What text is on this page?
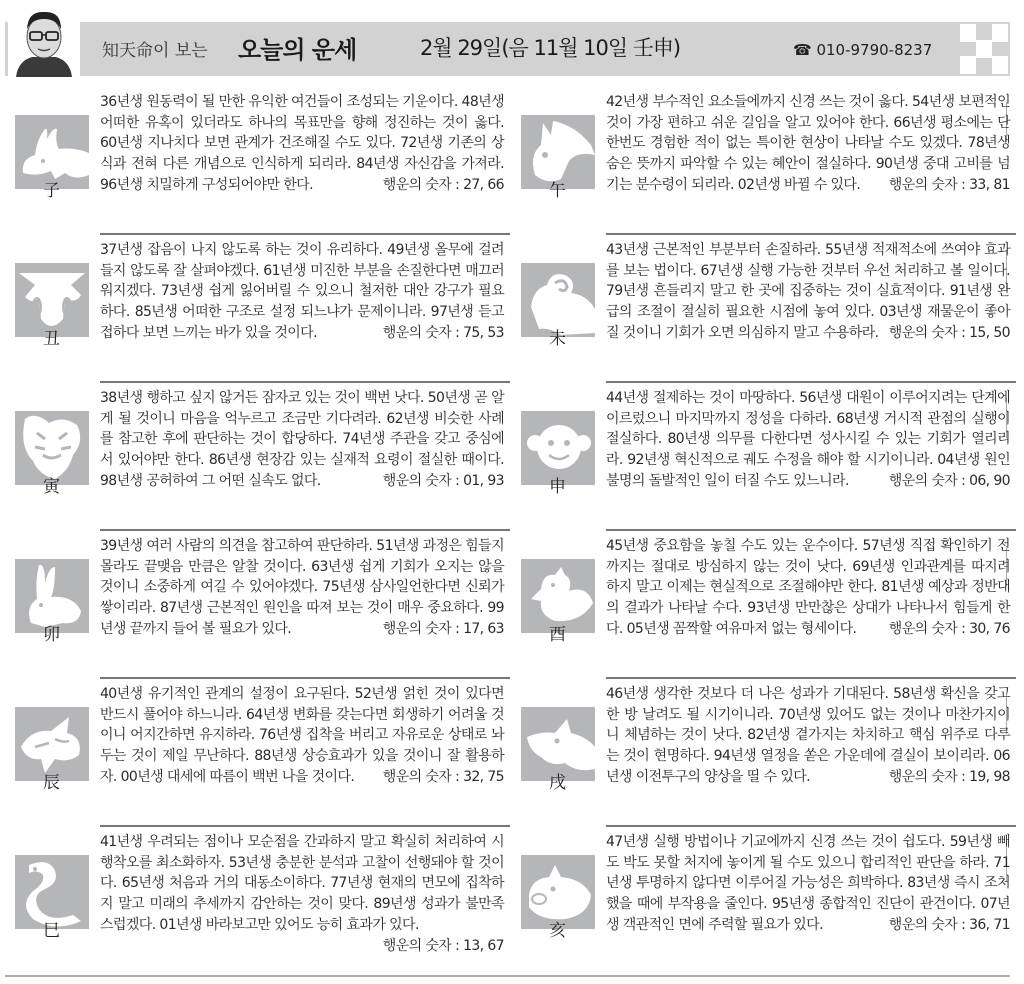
知天命이 보는 오늘의 운세	2월 29일(음 11월 10일 壬申)	☎ 010-9790-8237
子
36년생 원동력이 될 만한 유익한 여건들이 조성되는 기운이다. 48년생 어떠한 유혹이 있더라도 하나의 목표만을 향해 정진하는 것이 옳다. 60년생 지나치다 보면 관계가 건조해질 수도 있다. 72년생 기존의 상식과 전혀 다른 개념으로 인식하게 되리라. 84년생 자신감을 가져라. 96년생 치밀하게 구성되어야만 한다.	행운의 숫자 : 27, 66
丑
37년생 잡음이 나지 않도록 하는 것이 유리하다. 49년생 올무에 걸려들지 않도록 잘 살펴야겠다. 61년생 미진한 부분을 손질한다면 매끄러워지겠다. 73년생 쉽게 잃어버릴 수 있으니 철저한 대안 강구가 필요하다. 85년생 어떠한 구조로 설정 되느냐가 문제이니라. 97년생 듣고 접하다 보면 느끼는 바가 있을 것이다.	행운의 숫자 : 75, 53
寅
38년생 행하고 싶지 않거든 잠자코 있는 것이 백번 낫다. 50년생 곧 알게 될 것이니 마음을 억누르고 조금만 기다려라. 62년생 비슷한 사례를 참고한 후에 판단하는 것이 합당하다. 74년생 주관을 갖고 중심에 서 있어야만 한다. 86년생 현장감 있는 실재적 요령이 절실한 때이다. 98년생 공허하여 그 어떤 실속도 없다.	행운의 숫자 : 01, 93
卯
39년생 여러 사람의 의견을 참고하여 판단하라. 51년생 과정은 힘들지 몰라도 끝맺음 만큼은 알찰 것이다. 63년생 쉽게 기회가 오지는 않을 것이니 소중하게 여길 수 있어야겠다. 75년생 삼사일언한다면 신뢰가 쌓이리라. 87년생 근본적인 원인을 따져 보는 것이 매우 중요하다. 99년생 끝까지 들어 볼 필요가 있다.	행운의 숫자 : 17, 63
辰
40년생 유기적인 관계의 설정이 요구된다. 52년생 얽힌 것이 있다면 반드시 풀어야 하느니라. 64년생 변화를 갖는다면 회생하기 어려울 것이니 어지간하면 유지하라. 76년생 집착을 버리고 자유로운 상태로 놔두는 것이 제일 무난하다. 88년생 상승효과가 있을 것이니 잘 활용하자. 00년생 대세에 따름이 백번 나을 것이다. 행운의 숫자 : 32, 75
巳
41년생 우려되는 점이나 모순점을 간과하지 말고 확실히 처리하여 시행착오를 최소화하자. 53년생 충분한 분석과 고찰이 선행돼야 할 것이다. 65년생 처음과 거의 대동소이하다. 77년생 현재의 면모에 집착하지 말고 미래의 추세까지 감안하는 것이 맞다. 89년생 성과가 불만족스럽겠다. 01년생 바라보고만 있어도 능히 효과가 있다.
행운의 숫자 : 13, 67
午
42년생 부수적인 요소들에까지 신경 쓰는 것이 옳다. 54년생 보편적인 것이 가장 편하고 쉬운 길임을 알고 있어야 한다. 66년생 평소에는 단 한번도 경험한 적이 없는 특이한 현상이 나타날 수도 있겠다. 78년생 숨은 뜻까지 파악할 수 있는 혜안이 절실하다. 90년생 중대 고비를 넘기는 분수령이 되리라. 02년생 바뀔 수 있다. 행운의 숫자 : 33, 81
未
43년생 근본적인 부분부터 손질하라. 55년생 적재적소에 쓰여야 효과를 보는 법이다. 67년생 실행 가능한 것부터 우선 처리하고 볼 일이다. 79년생 흔들리지 말고 한 곳에 집중하는 것이 실효적이다. 91년생 완급의 조절이 절실히 필요한 시점에 놓여 있다. 03년생 재물운이 좋아질 것이니 기회가 오면 의심하지 말고 수용하라. 행운의 숫자 : 15, 50
申
44년생 절제하는 것이 마땅하다. 56년생 대원이 이루어지려는 단계에 이르렀으니 마지막까지 정성을 다하라. 68년생 거시적 관점의 실행이 절실하다. 80년생 의무를 다한다면 성사시킬 수 있는 기회가 열리리라. 92년생 혁신적으로 궤도 수정을 해야 할 시기이니라. 04년생 원인 불명의 돌발적인 일이 터질 수도 있느니라.	행운의 숫자 : 06, 90
酉
45년생 중요함을 놓칠 수도 있는 운수이다. 57년생 직접 확인하기 전까지는 절대로 방심하지 않는 것이 낫다. 69년생 인과관계를 따지려 하지 말고 이제는 현실적으로 조절해야만 한다. 81년생 예상과 정반대의 결과가 나타날 수다. 93년생 만만찮은 상대가 나타나서 힘들게 한다. 05년생 꼼짝할 여유마저 없는 형세이다. 행운의 숫자 : 30, 76
戌
46년생 생각한 것보다 더 나은 성과가 기대된다. 58년생 확신을 갖고 한 방 날려도 될 시기이니라. 70년생 있어도 없는 것이나 마찬가지이니 체념하는 것이 낫다. 82년생 곁가지는 차치하고 핵심 위주로 다루는 것이 현명하다. 94년생 열정을 쏟은 가운데에 결실이 보이리라. 06년생 이전투구의 양상을 띨 수 있다.	행운의 숫자 : 19, 98
亥
47년생 실행 방법이나 기교에까지 신경 쓰는 것이 쉽도다. 59년생 빼도 박도 못할 처지에 놓이게 될 수도 있으니 합리적인 판단을 하라. 71년생 투명하지 않다면 이루어질 가능성은 희박하다. 83년생 즉시 조처했을 때에 부작용을 줄인다. 95년생 종합적인 진단이 관건이다. 07년생 객관적인 면에 주력할 필요가 있다.	행운의 숫자 : 36, 71
